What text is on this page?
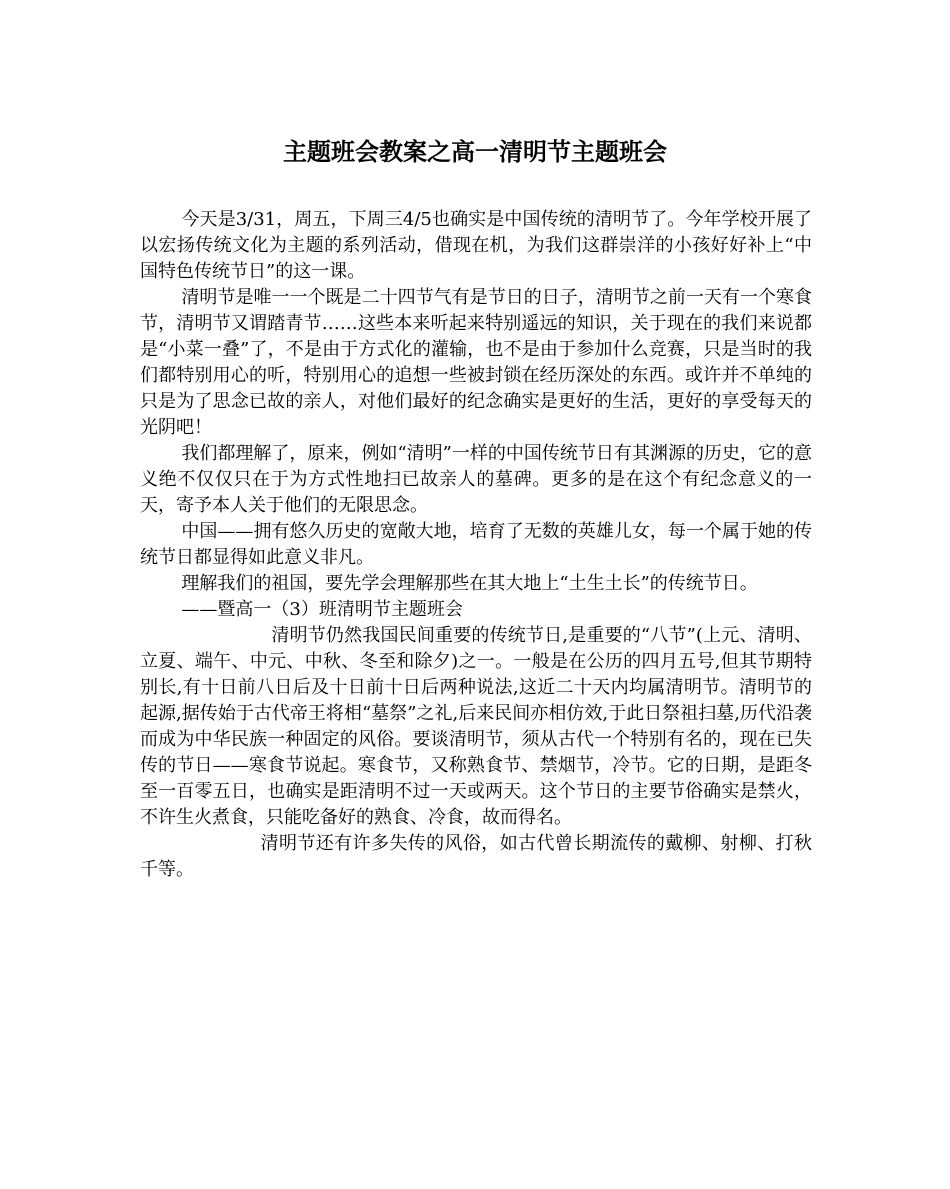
主题班会教案之高一清明节主题班会

今天是3/31，周五，下周三4/5也确实是中国传统的清明节了。今年学校开展了以宏扬传统文化为主题的系列活动，借现在机，为我们这群崇洋的小孩好好补上“中国特色传统节日”的这一课。

清明节是唯一一个既是二十四节气有是节日的日子，清明节之前一天有一个寒食节，清明节又谓踏青节……这些本来听起来特别遥远的知识，关于现在的我们来说都是“小菜一叠”了，不是由于方式化的灌输，也不是由于参加什么竞赛，只是当时的我们都特别用心的听，特别用心的追想一些被封锁在经历深处的东西。或许并不单纯的只是为了思念已故的亲人，对他们最好的纪念确实是更好的生活，更好的享受每天的光阴吧！

我们都理解了，原来，例如“清明”一样的中国传统节日有其渊源的历史，它的意义绝不仅仅只在于为方式性地扫已故亲人的墓碑。更多的是在这个有纪念意义的一天，寄予本人关于他们的无限思念。

中国——拥有悠久历史的宽敞大地，培育了无数的英雄儿女，每一个属于她的传统节日都显得如此意义非凡。

理解我们的祖国，要先学会理解那些在其大地上“土生土长”的传统节日。

——暨高一（3）班清明节主题班会

清明节仍然我国民间重要的传统节日,是重要的“八节”(上元、清明、立夏、端午、中元、中秋、冬至和除夕)之一。一般是在公历的四月五号,但其节期特别长,有十日前八日后及十日前十日后两种说法,这近二十天内均属清明节。清明节的起源,据传始于古代帝王将相“墓祭”之礼,后来民间亦相仿效,于此日祭祖扫墓,历代沿袭而成为中华民族一种固定的风俗。要谈清明节，须从古代一个特别有名的，现在已失传的节日——寒食节说起。寒食节，又称熟食节、禁烟节，冷节。它的日期，是距冬至一百零五日，也确实是距清明不过一天或两天。这个节日的主要节俗确实是禁火，不许生火煮食，只能吃备好的熟食、冷食，故而得名。

清明节还有许多失传的风俗，如古代曾长期流传的戴柳、射柳、打秋千等。
